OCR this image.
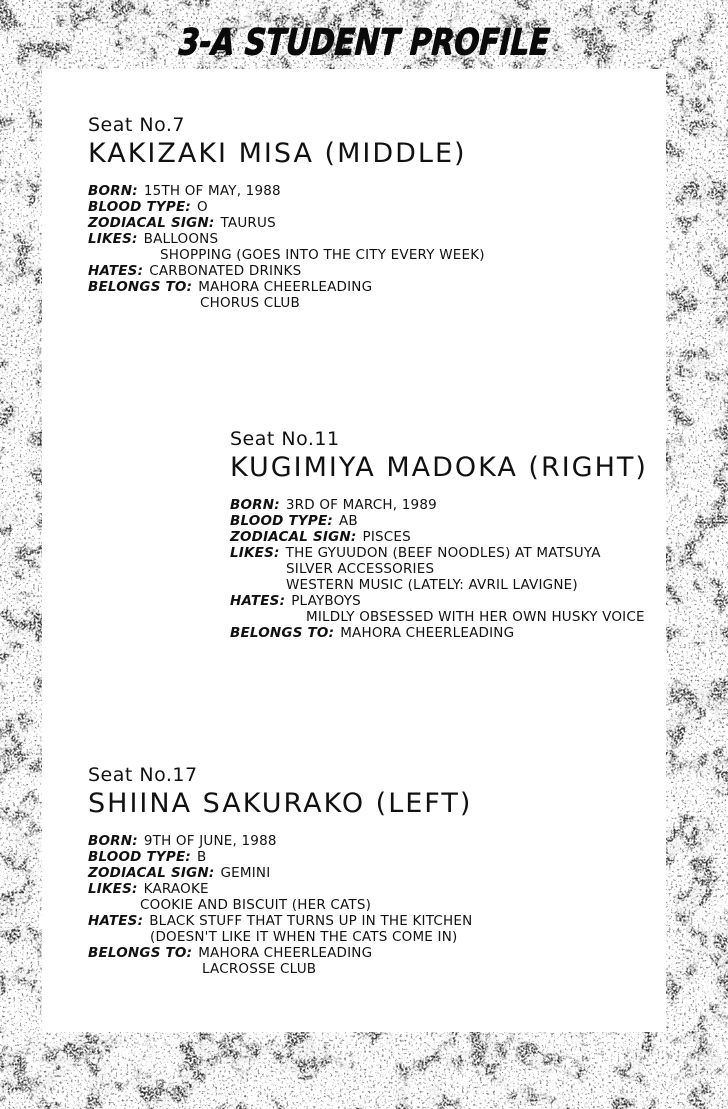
Seat No.7
KAKIZAKI MISA (MIDDLE)
BORN: 15TH OF MAY, 1988
BLOOD TYPE: O
ZODIACAL SIGN: TAURUS
LIKES: BALLOONS
SHOPPING (GOES INTO THE CITY EVERY WEEK)
HATES: CARBONATED DRINKS
BELONGS TO: MAHORA CHEERLEADING
CHORUS CLUB
Seat No.11
KUGIMIYA MADOKA (RIGHT)
BORN: 3RD OF MARCH, 1989
BLOOD TYPE: AB
ZODIACAL SIGN: PISCES
LIKES: THE GYUUDON (BEEF NOODLES) AT MATSUYA
SILVER ACCESSORIES
WESTERN MUSIC (LATELY: AVRIL LAVIGNE)
HATES: PLAYBOYS
MILDLY OBSESSED WITH HER OWN HUSKY VOICE
BELONGS TO: MAHORA CHEERLEADING
Seat No.17
SHIINA SAKURAKO (LEFT)
BORN: 9TH OF JUNE, 1988
BLOOD TYPE: B
ZODIACAL SIGN: GEMINI
LIKES: KARAOKE
COOKIE AND BISCUIT (HER CATS)
HATES: BLACK STUFF THAT TURNS UP IN THE KITCHEN
(DOESN'T LIKE IT WHEN THE CATS COME IN)
BELONGS TO: MAHORA CHEERLEADING
LACROSSE CLUB
3-A STUDENT PROFILE
